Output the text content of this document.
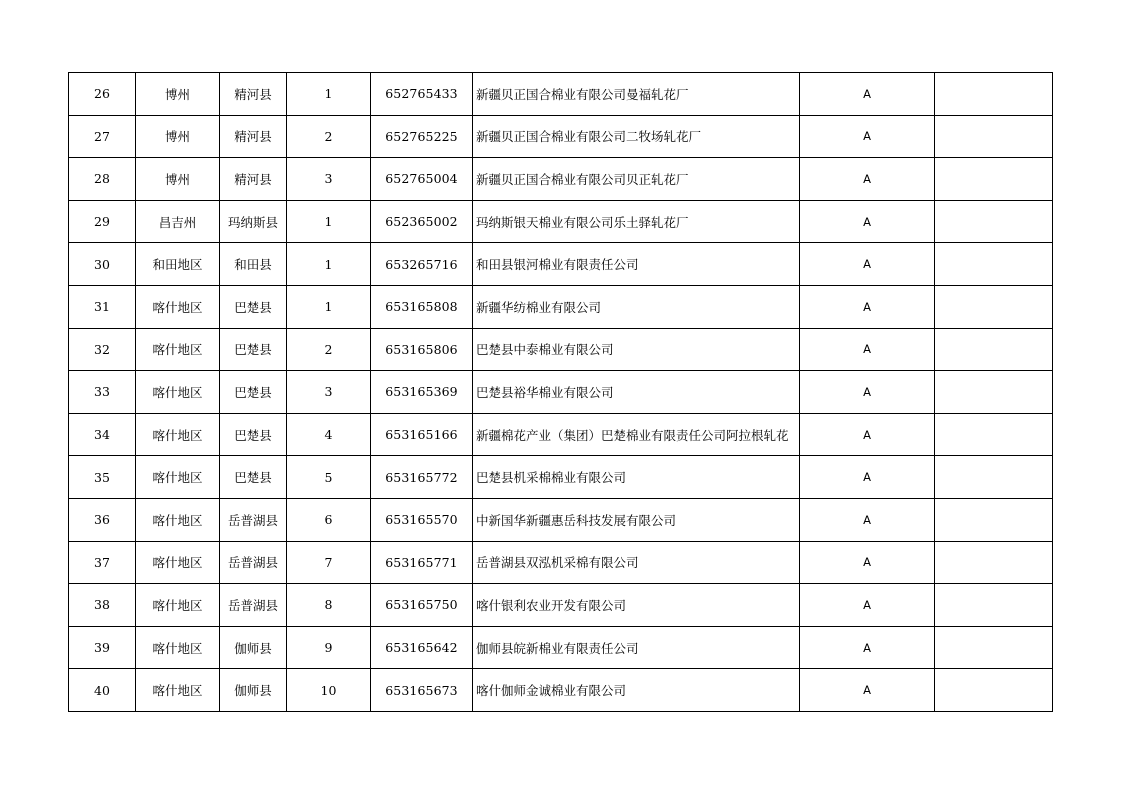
26	博州	精河县	1	652765433	新疆贝正国合棉业有限公司曼福轧花厂	A	
27	博州	精河县	2	652765225	新疆贝正国合棉业有限公司二牧场轧花厂	A	
28	博州	精河县	3	652765004	新疆贝正国合棉业有限公司贝正轧花厂	A	
29	昌吉州	玛纳斯县	1	652365002	玛纳斯银天棉业有限公司乐土驿轧花厂	A	
30	和田地区	和田县	1	653265716	和田县银河棉业有限责任公司	A	
31	喀什地区	巴楚县	1	653165808	新疆华纺棉业有限公司	A	
32	喀什地区	巴楚县	2	653165806	巴楚县中泰棉业有限公司	A	
33	喀什地区	巴楚县	3	653165369	巴楚县裕华棉业有限公司	A	
34	喀什地区	巴楚县	4	653165166	新疆棉花产业（集团）巴楚棉业有限责任公司阿拉根轧花	A	
35	喀什地区	巴楚县	5	653165772	巴楚县机采棉棉业有限公司	A	
36	喀什地区	岳普湖县	6	653165570	中新国华新疆惠岳科技发展有限公司	A	
37	喀什地区	岳普湖县	7	653165771	岳普湖县双泓机采棉有限公司	A	
38	喀什地区	岳普湖县	8	653165750	喀什银利农业开发有限公司	A	
39	喀什地区	伽师县	9	653165642	伽师县皖新棉业有限责任公司	A	
40	喀什地区	伽师县	10	653165673	喀什伽师金诚棉业有限公司	A	
